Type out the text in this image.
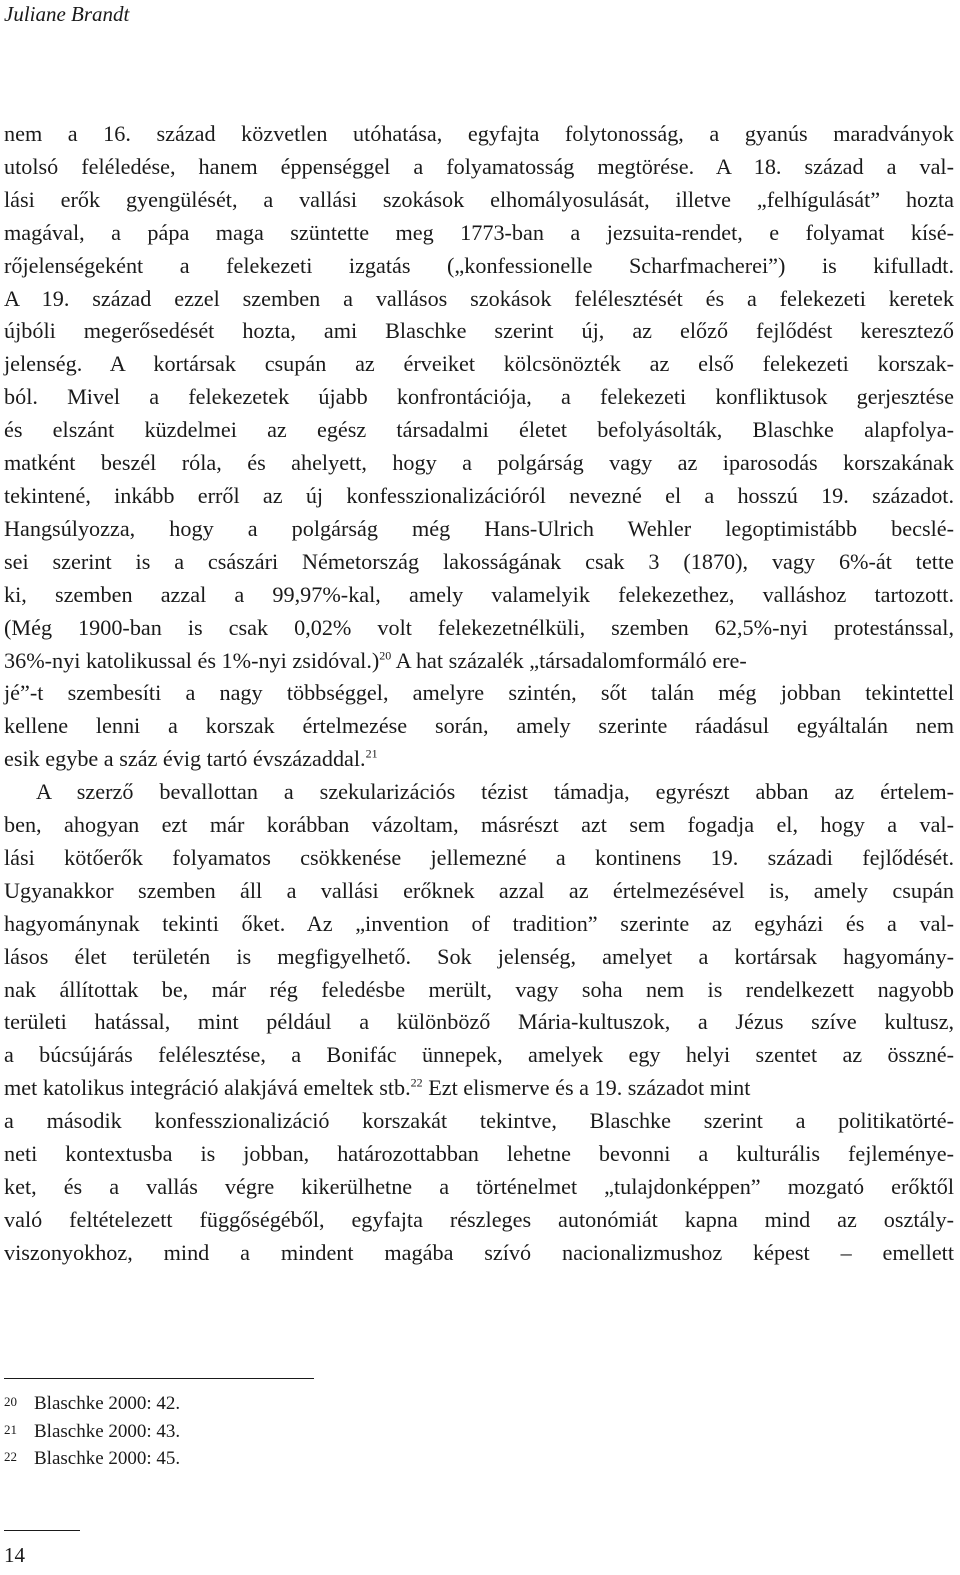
Juliane Brandt
nem a 16. század közvetlen utóhatása, egyfajta folytonosság, a gyanús maradványok
utolsó feléledése, hanem éppenséggel a folyamatosság megtörése. A 18. század a val-
lási erők gyengülését, a vallási szokások elhomályosulását, illetve „felhígulását” hozta
magával, a pápa maga szüntette meg 1773-ban a jezsuita-rendet, e folyamat kísé-
rőjelenségeként a felekezeti izgatás („konfessionelle Scharfmacherei”) is kifulladt.
A 19. század ezzel szemben a vallásos szokások felélesztését és a felekezeti keretek
újbóli megerősedését hozta, ami Blaschke szerint új, az előző fejlődést keresztező
jelenség. A kortársak csupán az érveiket kölcsönözték az első felekezeti korszak-
ból. Mivel a felekezetek újabb konfrontációja, a felekezeti konfliktusok gerjesztése
és elszánt küzdelmei az egész társadalmi életet befolyásolták, Blaschke alapfolya-
matként beszél róla, és ahelyett, hogy a polgárság vagy az iparosodás korszakának
tekintené, inkább erről az új konfesszionalizációról nevezné el a hosszú 19. századot.
Hangsúlyozza, hogy a polgárság még Hans-Ulrich Wehler legoptimistább becslé-
sei szerint is a császári Németország lakosságának csak 3 (1870), vagy 6%-át tette
ki, szemben azzal a 99,97%-kal, amely valamelyik felekezethez, valláshoz tartozott.
(Még 1900-ban is csak 0,02% volt felekezetnélküli, szemben 62,5%-nyi protestánssal,
36%-nyi katolikussal és 1%-nyi zsidóval.)$^{20}$ A hat százalék „társadalomformáló ere-
jé”-t szembesíti a nagy többséggel, amelyre szintén, sőt talán még jobban tekintettel
kellene lenni a korszak értelmezése során, amely szerinte ráadásul egyáltalán nem
esik egybe a száz évig tartó évszázaddal.$^{21}$
A szerző bevallottan a szekularizációs tézist támadja, egyrészt abban az értelem-
ben, ahogyan ezt már korábban vázoltam, másrészt azt sem fogadja el, hogy a val-
lási kötőerők folyamatos csökkenése jellemezné a kontinens 19. századi fejlődését.
Ugyanakkor szemben áll a vallási erőknek azzal az értelmezésével is, amely csupán
hagyománynak tekinti őket. Az „invention of tradition” szerinte az egyházi és a val-
lásos élet területén is megfigyelhető. Sok jelenség, amelyet a kortársak hagyomány-
nak állítottak be, már rég feledésbe merült, vagy soha nem is rendelkezett nagyobb
területi hatással, mint például a különböző Mária-kultuszok, a Jézus szíve kultusz,
a búcsújárás felélesztése, a Bonifác ünnepek, amelyek egy helyi szentet az összné-
met katolikus integráció alakjává emeltek stb.$^{22}$ Ezt elismerve és a 19. századot mint
a második konfesszionalizáció korszakát tekintve, Blaschke szerint a politikatörté-
neti kontextusba is jobban, határozottabban lehetne bevonni a kulturális fejleménye-
ket, és a vallás végre kikerülhetne a történelmet „tulajdonképpen” mozgató erőktől
való feltételezett függőségéből, egyfajta részleges autonómiát kapna mind az osztály-
viszonyokhoz, mind a mindent magába szívó nacionalizmushoz képest – emellett
20 Blaschke 2000: 42.
21 Blaschke 2000: 43.
22 Blaschke 2000: 45.
14
